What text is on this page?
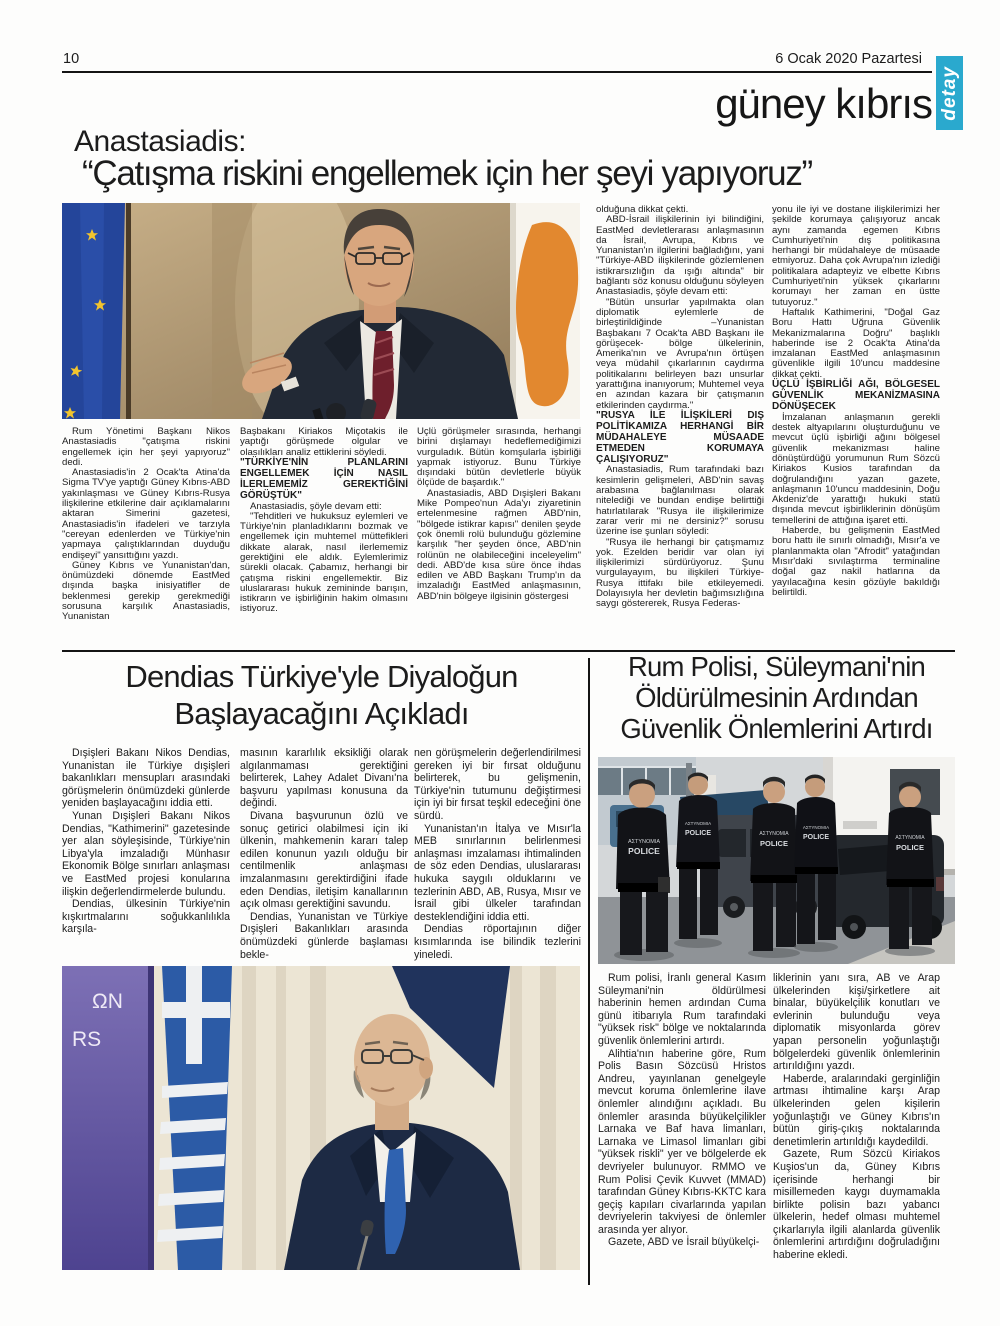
10	6 Ocak 2020 Pazartesi
detay
güney kıbrıs
Anastasiadis:
“Çatışma riskini engellemek için her şeyi yapıyoruz”

Rum Yönetimi Başkanı Nikos Anastasiadis "çatışma riskini engellemek için her şeyi yapıyoruz" dedi.

Anastasiadis'in 2 Ocak'ta Atina'da Sigma TV'ye yaptığı Güney Kıbrıs-ABD yakınlaşması ve Güney Kıbrıs-Rusya ilişkilerine etkilerine dair açıklamalarını aktaran Simerini gazetesi, Anastasiadis'in ifadeleri ve tarzıyla "cereyan edenlerden ve Türkiye'nin yapmaya çalıştıklarından duyduğu endişeyi" yansıttığını yazdı.

Güney Kıbrıs ve Yunanistan'dan, önümüzdeki dönemde EastMed dışında başka inisiyatifler de beklenmesi gerekip gerekmediği sorusuna karşılık Anastasiadis, Yunanistan

Başbakanı Kiriakos Miçotakis ile yaptığı görüşmede olgular ve olasılıkları analiz ettiklerini söyledi.

"TÜRKİYE'NİN PLANLARINI ENGELLEMEK İÇİN NASIL İLERLEMEMİZ GEREKTİĞİNİ GÖRÜŞTÜK"

Anastasiadis, şöyle devam etti:

"Tehditleri ve hukuksuz eylemleri ve Türkiye'nin planladıklarını bozmak ve engellemek için muhtemel müttefikleri dikkate alarak, nasıl ilerlememiz gerektiğini ele aldık. Eylemlerimiz sürekli olacak. Çabamız, herhangi bir çatışma riskini engellemektir. Biz uluslararası hukuk zemininde barışın, istikrarın ve işbirliğinin hakim olmasını istiyoruz.

Üçlü görüşmeler sırasında, herhangi birini dışlamayı hedeflemediğimizi vurguladık. Bütün komşularla işbirliği yapmak istiyoruz. Bunu Türkiye dışındaki bütün devletlerle büyük ölçüde de başardık."

Anastasiadis, ABD Dışişleri Bakanı Mike Pompeo'nun Ada'yı ziyaretinin ertelenmesine rağmen ABD'nin, "bölgede istikrar kapısı" denilen şeyde çok önemli rolü bulunduğu gözlemine karşılık "her şeyden önce, ABD'nin rolünün ne olabileceğini inceleyelim" dedi. ABD'de kısa süre önce ihdas edilen ve ABD Başkanı Trump'ın da imzaladığı EastMed anlaşmasının, ABD'nin bölgeye ilgisinin göstergesi

olduğuna dikkat çekti.

ABD-İsrail ilişkilerinin iyi bilindiğini, EastMed devletlerarası anlaşmasının da İsrail, Avrupa, Kıbrıs ve Yunanistan'ın ilgilerini bağladığını, yani "Türkiye-ABD ilişkilerinde gözlemlenen istikrarsızlığın da ışığı altında" bir bağlantı söz konusu olduğunu söyleyen Anastasiadis, şöyle devam etti:

"Bütün unsurlar yapılmakta olan diplomatik eylemlerle de birleştirildiğinde –Yunanistan Başbakanı 7 Ocak'ta ABD Başkanı ile görüşecek- bölge ülkelerinin, Amerika'nın ve Avrupa'nın örtüşen veya müdahil çıkarlarının caydırma politikalarını belirleyen bazı unsurlar yarattığına inanıyorum; Muhtemel veya en azından kazara bir çatışmanın etkilerinden caydırma."

"RUSYA İLE İLİŞKİLERİ DIŞ POLİTİKAMIZA HERHANGİ BİR MÜDAHALEYE MÜSAADE ETMEDEN KORUMAYA ÇALIŞIYORUZ"

Anastasiadis, Rum tarafındaki bazı kesimlerin gelişmeleri, ABD'nin savaş arabasına bağlanılması olarak nitelediği ve bundan endişe belirttiği hatırlatılarak "Rusya ile ilişkilerimize zarar verir mi ne dersiniz?" sorusu üzerine ise şunları söyledi:

"Rusya ile herhangi bir çatışmamız yok. Ezelden beridir var olan iyi ilişkilerimizi sürdürüyoruz. Şunu vurgulayayım, bu ilişkileri Türkiye-Rusya ittifakı bile etkileyemedi. Dolayısıyla her devletin bağımsızlığına saygı göstererek, Rusya Federas-

yonu ile iyi ve dostane ilişkilerimizi her şekilde korumaya çalışıyoruz ancak aynı zamanda egemen Kıbrıs Cumhuriyeti'nin dış politikasına herhangi bir müdahaleye de müsaade etmiyoruz. Daha çok Avrupa'nın izlediği politikalara adapteyiz ve elbette Kıbrıs Cumhuriyeti'nin yüksek çıkarlarını korumayı her zaman en üstte tutuyoruz."

Haftalık Kathimerini, "Doğal Gaz Boru Hattı Uğruna Güvenlik Mekanizmalarına Doğru" başlıklı haberinde ise 2 Ocak'ta Atina'da imzalanan EastMed anlaşmasının güvenlikle ilgili 10'uncu maddesine dikkat çekti.

ÜÇLÜ İŞBİRLİĞİ AĞI, BÖLGESEL GÜVENLİK MEKANİZMASINA DÖNÜŞECEK

İmzalanan anlaşmanın gerekli destek altyapılarını oluşturduğunu ve mevcut üçlü işbirliği ağını bölgesel güvenlik mekanizması haline dönüştürdüğü yorumunun Rum Sözcü Kiriakos Kusios tarafından da doğrulandığını yazan gazete, anlaşmanın 10'uncu maddesinin, Doğu Akdeniz'de yarattığı hukuki statü dışında mevcut işbirliklerinin dönüşüm temellerini de attığına işaret etti.

Haberde, bu gelişmenin EastMed boru hattı ile sınırlı olmadığı, Mısır'a ve planlanmakta olan "Afrodit" yatağından Mısır'daki sıvılaştırma terminaline doğal gaz nakil hatlarına da yayılacağına kesin gözüyle bakıldığı belirtildi.

Dendias Türkiye'yle Diyaloğun
Başlayacağını Açıkladı

Dışişleri Bakanı Nikos Dendias, Yunanistan ile Türkiye dışişleri bakanlıkları mensupları arasındaki görüşmelerin önümüzdeki günlerde yeniden başlayacağını iddia etti.

Yunan Dışişleri Bakanı Nikos Dendias, "Kathimerini" gazetesinde yer alan söyleşisinde, Türkiye'nin Libya'yla imzaladığı Münhasır Ekonomik Bölge sınırları anlaşması ve EastMed projesi konularına ilişkin değerlendirmelerde bulundu.

Dendias, ülkesinin Türkiye'nin kışkırtmalarını soğukkanlılıkla karşıla-

masının kararlılık eksikliği olarak algılanmaması gerektiğini belirterek, Lahey Adalet Divanı'na başvuru yapılması konusuna da değindi.

Divana başvurunun özlü ve sonuç getirici olabilmesi için iki ülkenin, mahkemenin kararı talep edilen konunun yazılı olduğu bir centilmenlik anlaşması imzalanmasını gerektirdiğini ifade eden Dendias, iletişim kanallarının açık olması gerektiğini savundu.

Dendias, Yunanistan ve Türkiye Dışişleri Bakanlıkları arasında önümüzdeki günlerde başlaması bekle-

nen görüşmelerin değerlendirilmesi gereken iyi bir fırsat olduğunu belirterek, bu gelişmenin, Türkiye'nin tutumunu değiştirmesi için iyi bir fırsat teşkil edeceğini öne sürdü.

Yunanistan'ın İtalya ve Mısır'la MEB sınırlarının belirlenmesi anlaşması imzalaması ihtimalinden de söz eden Dendias, uluslararası hukuka saygılı olduklarını ve tezlerinin ABD, AB, Rusya, Mısır ve İsrail gibi ülkeler tarafından desteklendiğini iddia etti.

Dendias röportajının diğer kısımlarında ise bilindik tezlerini yineledi.

ΩΝ
RS
Rum Polisi, Süleymani'nin
Öldürülmesinin Ardından
Güvenlik Önlemlerini Artırdı
ΑΣΤΥΝΟΜΙΑ
POLICE
ΑΣΤΥΝΟΜΙΑ
POLICE	ΑΣΤΥΝΟΜΙΑ
POLICE
ΑΣΤΥΝΟΜΙΑ
POLICE	ΑΣΤΥΝΟΜΙΑ
POLICE

Rum polisi, İranlı general Kasım Süleymani'nin öldürülmesi haberinin hemen ardından Cuma günü itibarıyla Rum tarafındaki "yüksek risk" bölge ve noktalarında güvenlik önlemlerini artırdı.

Alihtia'nın haberine göre, Rum Polis Basın Sözcüsü Hristos Andreu, yayınlanan genelgeyle mevcut koruma önlemlerine ilave önlemler alındığını açıkladı. Bu önlemler arasında büyükelçilikler Larnaka ve Baf hava limanları, Larnaka ve Limasol limanları gibi "yüksek riskli" yer ve bölgelerde ek devriyeler bulunuyor. RMMO ve Rum Polisi Çevik Kuvvet (MMAD) tarafından Güney Kıbrıs-KKTC kara geçiş kapıları civarlarında yapılan devriyelerin takviyesi de önlemler arasında yer alıyor.

Gazete, ABD ve İsrail büyükelçi-

liklerinin yanı sıra, AB ve Arap ülkelerinden kişi/şirketlere ait binalar, büyükelçilik konutları ve evlerinin bulunduğu veya diplomatik misyonlarda görev yapan personelin yoğunlaştığı bölgelerdeki güvenlik önlemlerinin artırıldığını yazdı.

Haberde, aralarındaki gerginliğin artması ihtimaline karşı Arap ülkelerinden gelen kişilerin yoğunlaştığı ve Güney Kıbrıs'ın bütün giriş-çıkış noktalarında denetimlerin artırıldığı kaydedildi.

Gazete, Rum Sözcü Kiriakos Kuşios'un da, Güney Kıbrıs içerisinde herhangi bir misillemeden kaygı duymamakla birlikte polisin bazı yabancı ülkelerin, hedef olması muhtemel çıkarlarıyla ilgili alanlarda güvenlik önlemlerini artırdığını doğruladığını haberine ekledi.
